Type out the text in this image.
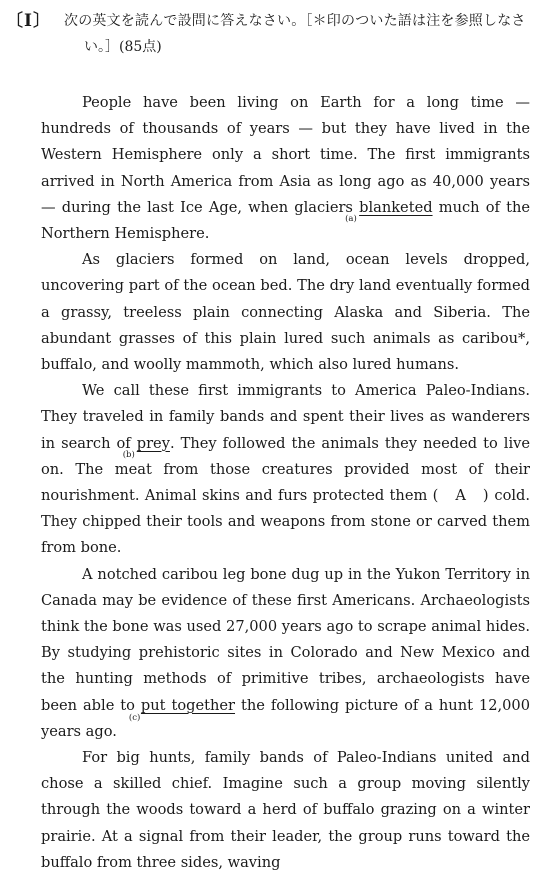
〔Ⅰ〕 次の英文を読んで設問に答えなさい。［＊印のついた語は注を参照しなさ
い。］(85点)

People have been living on Earth for a long time — hundreds of thousands of years — but they have lived in the Western Hemisphere only a short time. The first immigrants arrived in North America from Asia as long ago as 40,000 years — during the last Ice Age, when glaciers blanketed
(a)
much of the Northern Hemisphere.

As glaciers formed on land, ocean levels dropped, uncovering part of the ocean bed. The dry land eventually formed a grassy, treeless plain connecting Alaska and Siberia. The abundant grasses of this plain lured such animals as caribou*, buffalo, and woolly mammoth, which also lured humans.

We call these first immigrants to America Paleo-Indians. They traveled in family bands and spent their lives as wanderers in search of prey
(b)
. They followed the animals they needed to live on. The meat from those creatures provided most of their nourishment. Animal skins and furs protected them (　A　) cold. They chipped their tools and weapons from stone or carved them from bone.

A notched caribou leg bone dug up in the Yukon Territory in Canada may be evidence of these first Americans. Archaeologists think the bone was used 27,000 years ago to scrape animal hides. By studying prehistoric sites in Colorado and New Mexico and the hunting methods of primitive tribes, archaeologists have been able to
(c)
put together the following picture of a hunt 12,000 years ago.

For big hunts, family bands of Paleo-Indians united and chose a skilled chief. Imagine such a group moving silently through the woods toward a herd of buffalo grazing on a winter prairie. At a signal from their leader, the group runs toward the buffalo from three sides, waving
